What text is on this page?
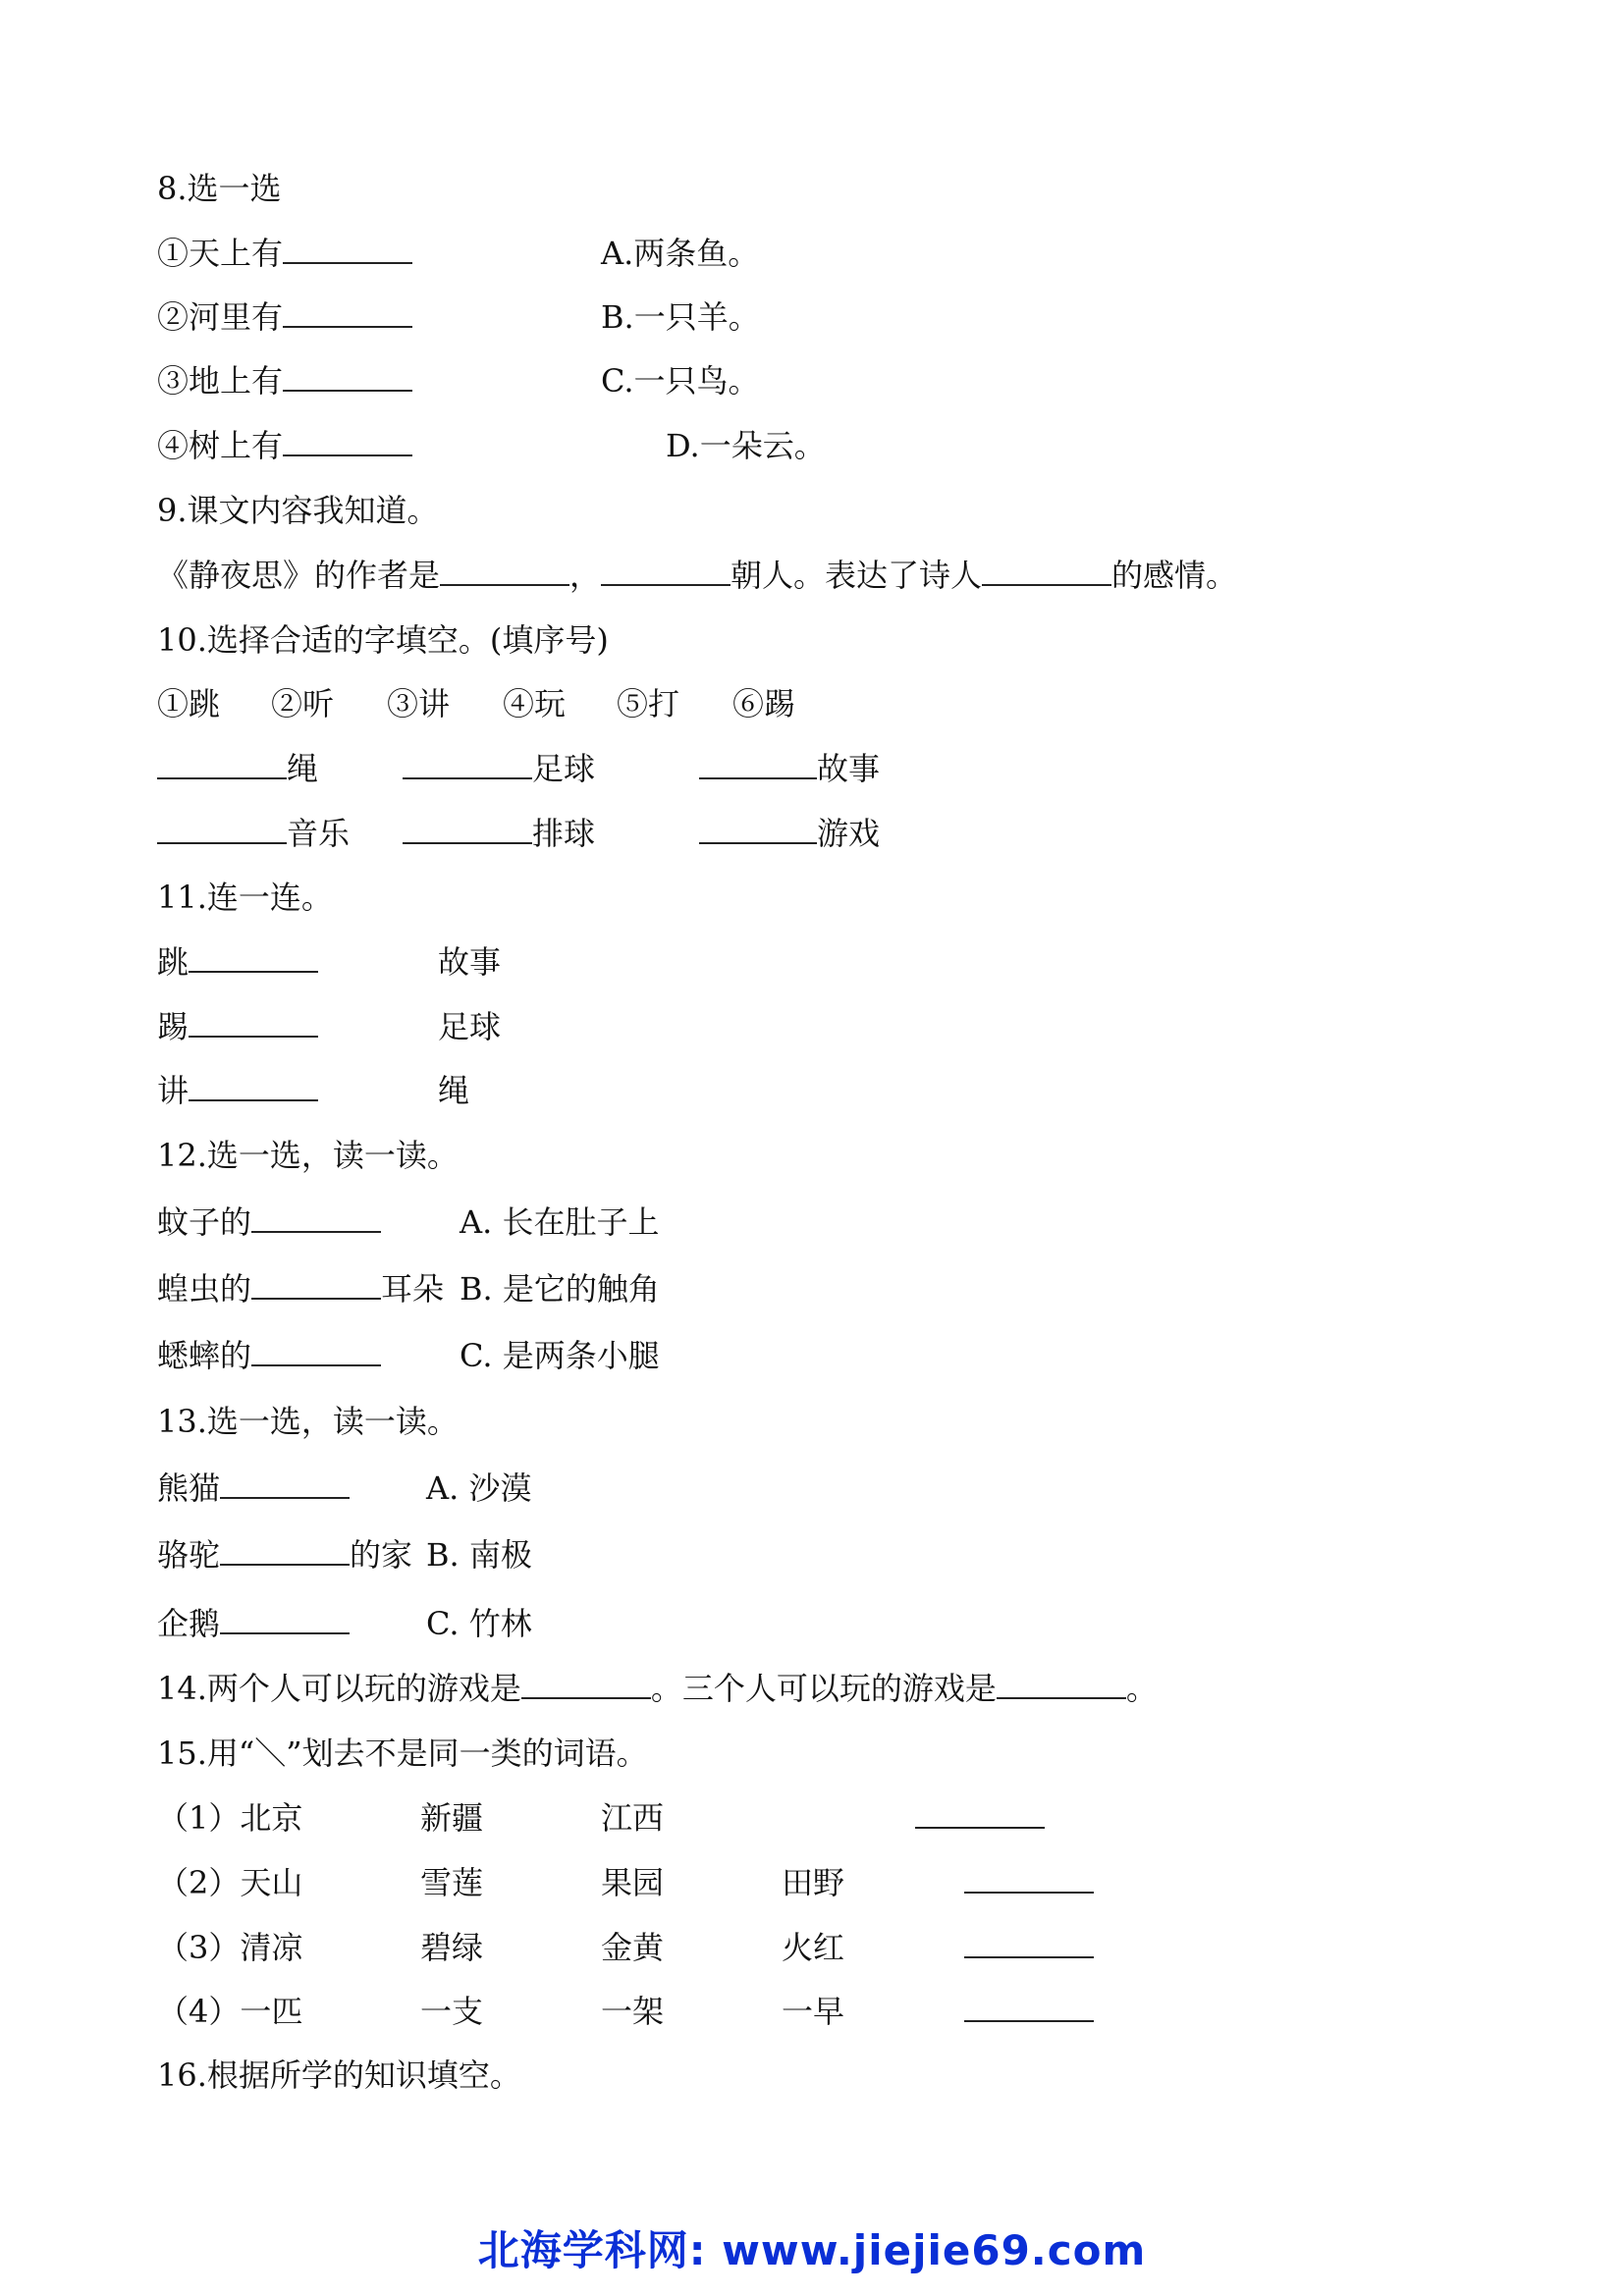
8.选一选

①天上有	A.两条鱼。
②河里有	B.一只羊。
③地上有	C.一只鸟。
④树上有	D.一朵云。

9.课文内容我知道。

《静夜思》的作者是	，	朝人。表达了诗人	的感情。

10.选择合适的字填空。(填序号)

①跳 ②听 ③讲 ④玩 ⑤打 ⑥踢
绳	足球	故事
音乐	排球	游戏

11.连一连。

跳	故事
踢	足球
讲	绳

12.选一选，读一读。

蚊子的	A. 长在肚子上
蝗虫的	耳朵 B. 是它的触角
蟋蟀的	C. 是两条小腿

13.选一选，读一读。

熊猫	A. 沙漠
骆驼	的家 B. 南极
企鹅	C. 竹林
14.两个人可以玩的游戏是	。三个人可以玩的游戏是	。

15.用“＼”划去不是同一类的词语。

（1）北京	新疆	江西
（2）天山	雪莲	果园	田野
（3）清凉	碧绿	金黄	火红
（4）一匹	一支	一架	一早

16.根据所学的知识填空。

北海学科网: www.jiejie69.com
